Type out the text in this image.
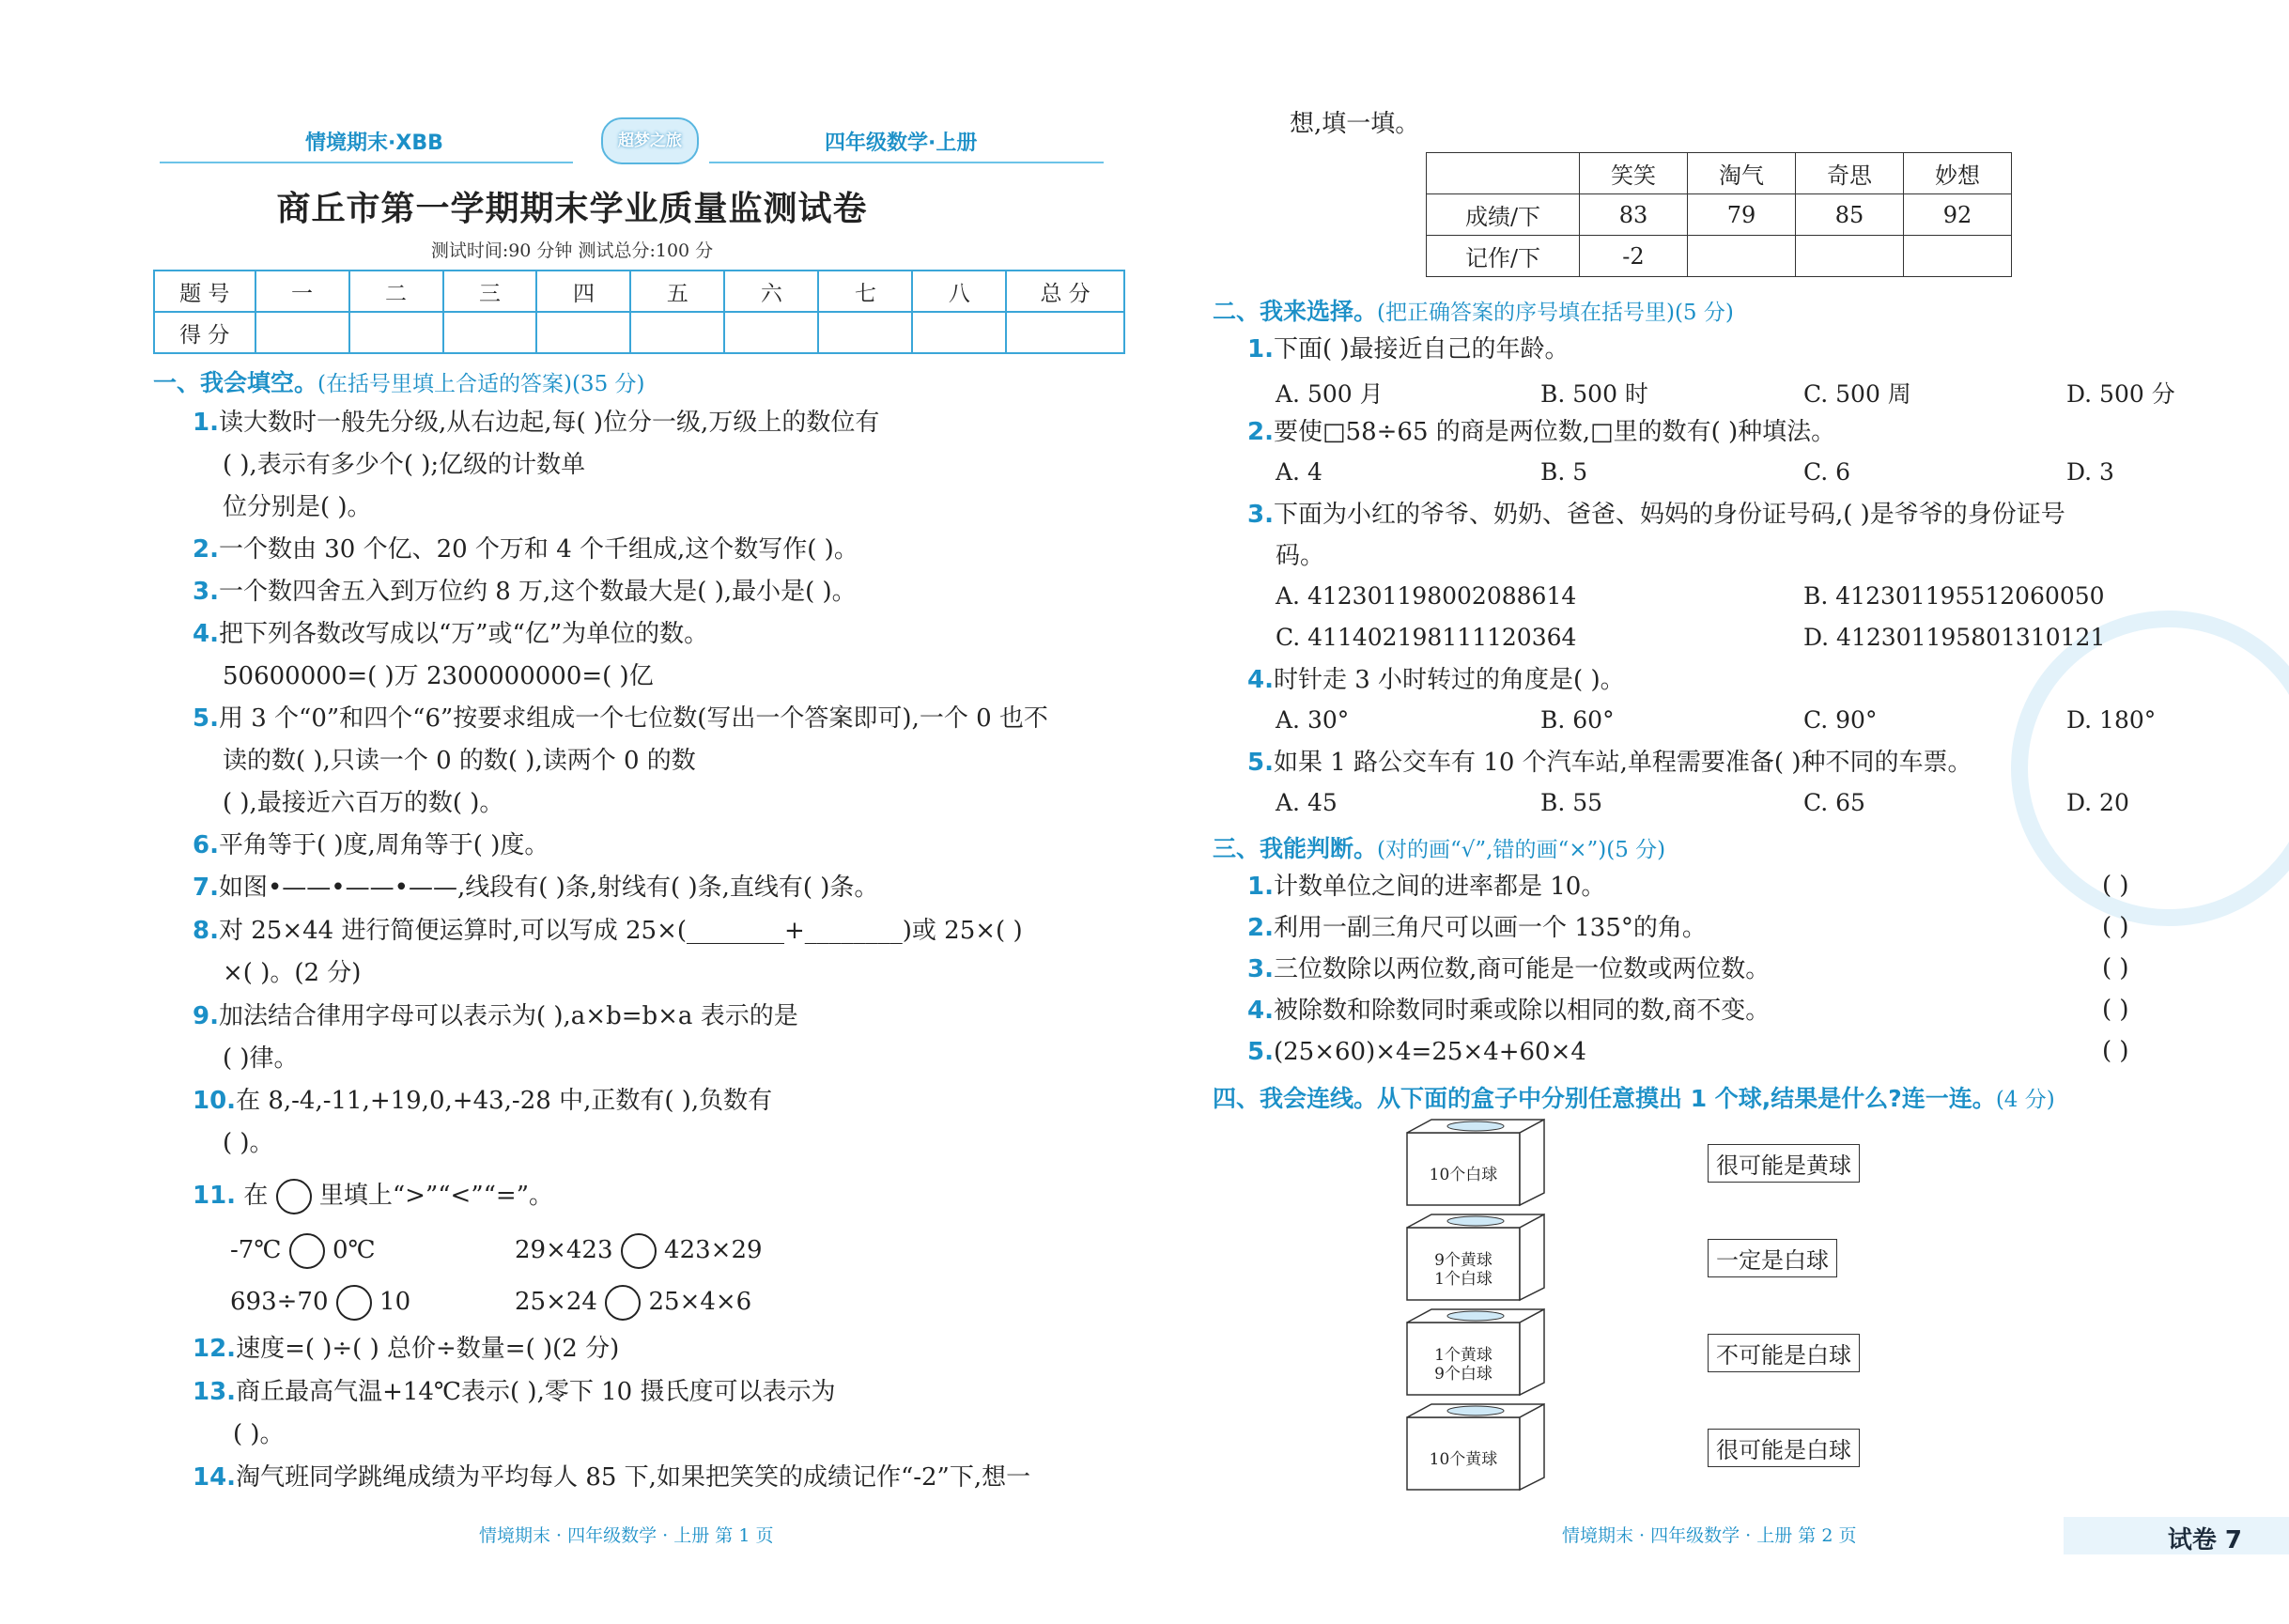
情境期末·XBB	超梦之旅	四年级数学·上册
商丘市第一学期期末学业质量监测试卷
测试时间:90 分钟 测试总分:100 分
题 号	一	二	三	四	五	六	七	八	总 分
得 分									
一、我会填空。(在括号里填上合适的答案)(35 分)
1.读大数时一般先分级,从右边起,每( )位分一级,万级上的数位有
( ),表示有多少个( );亿级的计数单
位分别是( )。
2.一个数由 30 个亿、20 个万和 4 个千组成,这个数写作( )。
3.一个数四舍五入到万位约 8 万,这个数最大是( ),最小是( )。
4.把下列各数改写成以“万”或“亿”为单位的数。
50600000=( )万 2300000000=( )亿
5.用 3 个“0”和四个“6”按要求组成一个七位数(写出一个答案即可),一个 0 也不
读的数( ),只读一个 0 的数( ),读两个 0 的数
( ),最接近六百万的数( )。
6.平角等于( )度,周角等于( )度。
7.如图•——•——•——,线段有( )条,射线有( )条,直线有( )条。
8.对 25×44 进行简便运算时,可以写成 25×(________+________)或 25×( )
×( )。(2 分)
9.加法结合律用字母可以表示为( ),a×b=b×a 表示的是
( )律。
10.在 8,-4,-11,+19,0,+43,-28 中,正数有( ),负数有
( )。
11. 在 里填上“>”“<”“=”。
-7℃ 0℃	29×423 423×29
693÷70 10	25×24 25×4×6
12.速度=( )÷( ) 总价÷数量=( )(2 分)
13.商丘最高气温+14℃表示( ),零下 10 摄氏度可以表示为
( )。
14.淘气班同学跳绳成绩为平均每人 85 下,如果把笑笑的成绩记作“-2”下,想一
情境期末 · 四年级数学 · 上册 第 1 页
想,填一填。
	笑笑	淘气	奇思	妙想
成绩/下	83	79	85	92
记作/下	-2			
二、我来选择。(把正确答案的序号填在括号里)(5 分)
1.下面( )最接近自己的年龄。
A. 500 月	B. 500 时	C. 500 周	D. 500 分
2.要使□58÷65 的商是两位数,□里的数有( )种填法。
A. 4	B. 5	C. 6	D. 3
3.下面为小红的爷爷、奶奶、爸爸、妈妈的身份证号码,( )是爷爷的身份证号
码。
A. 412301198002088614	B. 412301195512060050
C. 411402198111120364	D. 412301195801310121
4.时针走 3 小时转过的角度是( )。
A. 30°	B. 60°	C. 90°	D. 180°
5.如果 1 路公交车有 10 个汽车站,单程需要准备( )种不同的车票。
A. 45	B. 55	C. 65	D. 20
三、我能判断。(对的画“√”,错的画“×”)(5 分)
1.计数单位之间的进率都是 10。	( )
2.利用一副三角尺可以画一个 135°的角。	( )
3.三位数除以两位数,商可能是一位数或两位数。	( )
4.被除数和除数同时乘或除以相同的数,商不变。	( )
5.(25×60)×4=25×4+60×4	( )
四、我会连线。从下面的盒子中分别任意摸出 1 个球,结果是什么?连一连。(4 分)
10个白球
9个黄球
1个白球
1个黄球
9个白球
10个黄球
很可能是黄球
一定是白球
不可能是白球
很可能是白球
情境期末 · 四年级数学 · 上册 第 2 页	试卷 7
